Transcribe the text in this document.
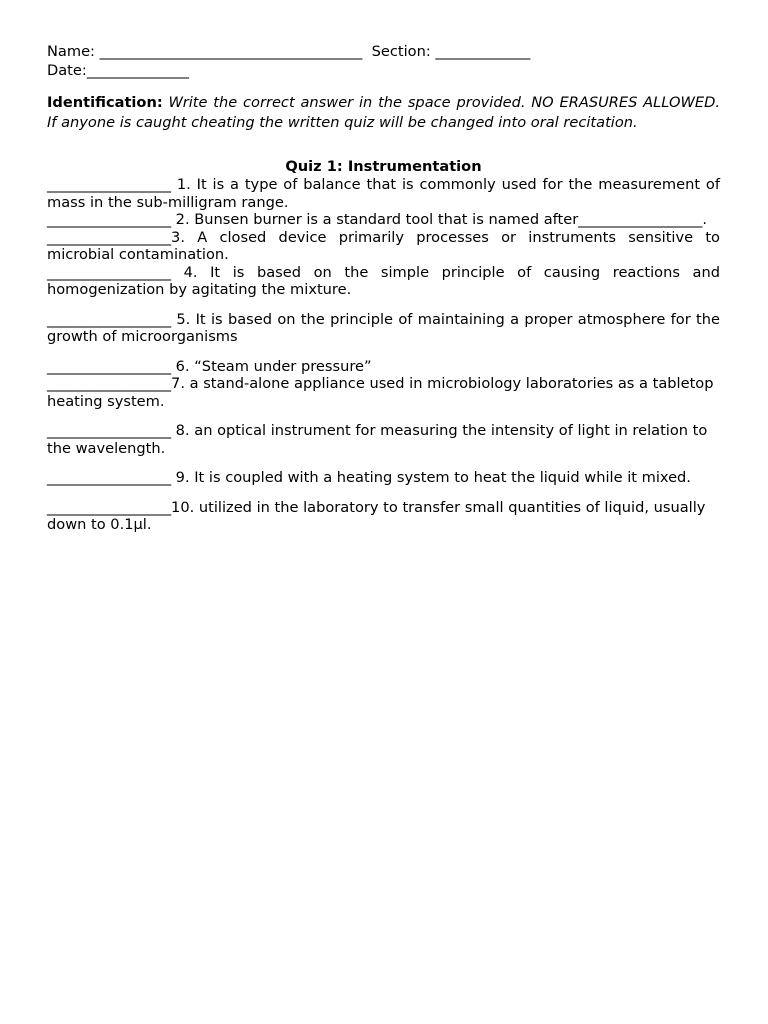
Name: ____________________________________ Section: _____________
Date:______________
Identification: Write the correct answer in the space provided. NO ERASURES ALLOWED. If anyone is caught cheating the written quiz will be changed into oral recitation.
Quiz 1: Instrumentation
_________________ 1. It is a type of balance that is commonly used for the measurement of mass in the sub-milligram range.
_________________ 2. Bunsen burner is a standard tool that is named after_________________.
_________________3. A closed device primarily processes or instruments sensitive to microbial contamination.
_________________ 4. It is based on the simple principle of causing reactions and homogenization by agitating the mixture.
_________________ 5. It is based on the principle of maintaining a proper atmosphere for the growth of microorganisms
_________________ 6. “Steam under pressure”
_________________7. a stand-alone appliance used in microbiology laboratories as a tabletop heating system.
_________________ 8. an optical instrument for measuring the intensity of light in relation to the wavelength.
_________________ 9. It is coupled with a heating system to heat the liquid while it mixed.
_________________10. utilized in the laboratory to transfer small quantities of liquid, usually down to 0.1µl.
